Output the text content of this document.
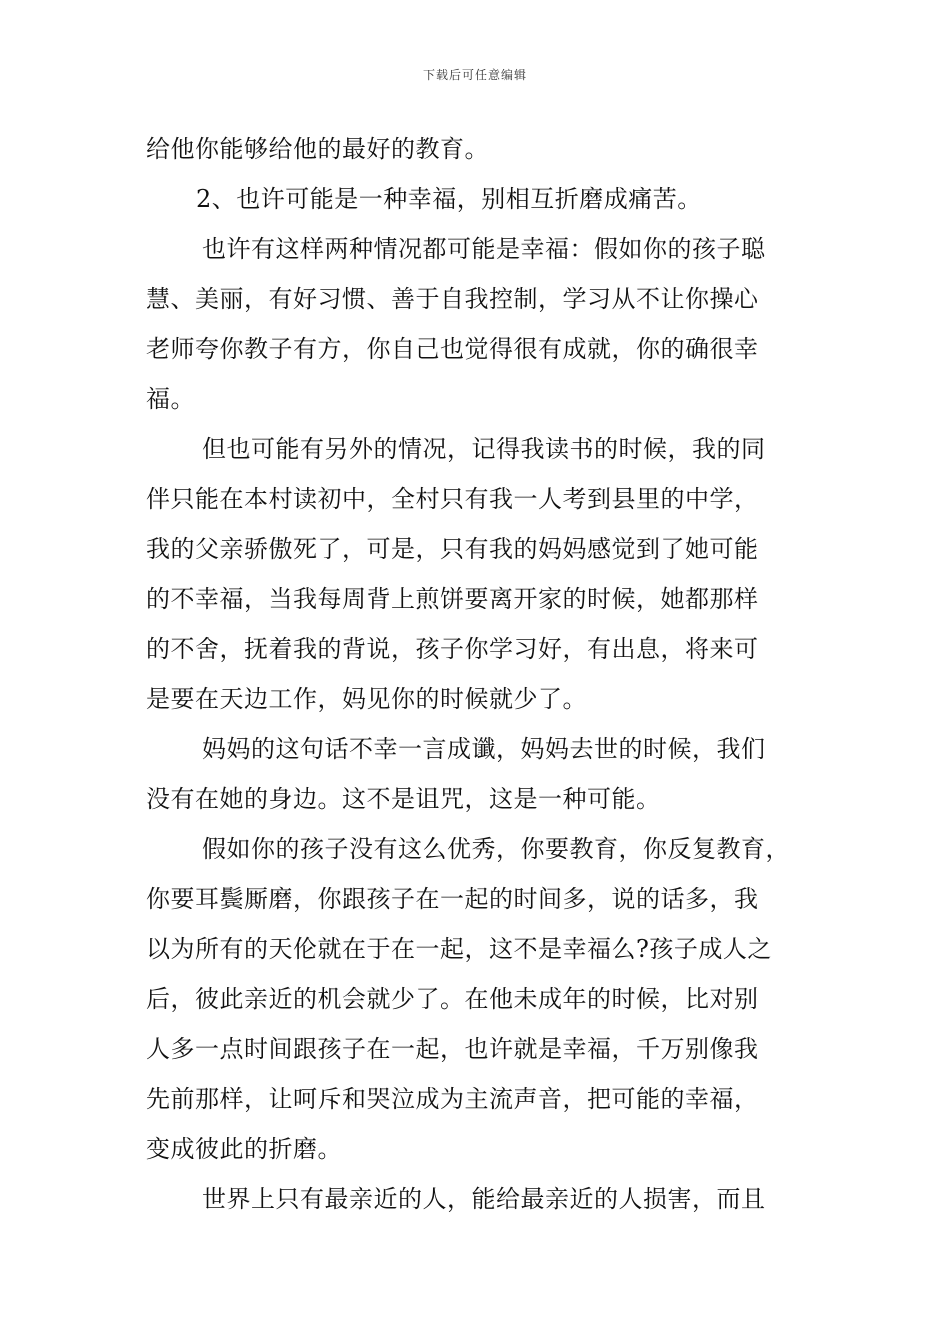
下载后可任意编辑
给他你能够给他的最好的教育。
2、也许可能是一种幸福，别相互折磨成痛苦。
也许有这样两种情况都可能是幸福：假如你的孩子聪
慧、美丽，有好习惯、善于自我控制，学习从不让你操心
老师夸你教子有方，你自己也觉得很有成就，你的确很幸
福。
但也可能有另外的情况，记得我读书的时候，我的同
伴只能在本村读初中，全村只有我一人考到县里的中学，
我的父亲骄傲死了，可是，只有我的妈妈感觉到了她可能
的不幸福，当我每周背上煎饼要离开家的时候，她都那样
的不舍，抚着我的背说，孩子你学习好，有出息，将来可
是要在天边工作，妈见你的时候就少了。
妈妈的这句话不幸一言成谶，妈妈去世的时候，我们
没有在她的身边。这不是诅咒，这是一种可能。
假如你的孩子没有这么优秀，你要教育，你反复教育，
你要耳鬓厮磨，你跟孩子在一起的时间多，说的话多，我
以为所有的天伦就在于在一起，这不是幸福么?孩子成人之
后，彼此亲近的机会就少了。在他未成年的时候，比对别
人多一点时间跟孩子在一起，也许就是幸福，千万别像我
先前那样，让呵斥和哭泣成为主流声音，把可能的幸福，
变成彼此的折磨。
世界上只有最亲近的人，能给最亲近的人损害，而且
